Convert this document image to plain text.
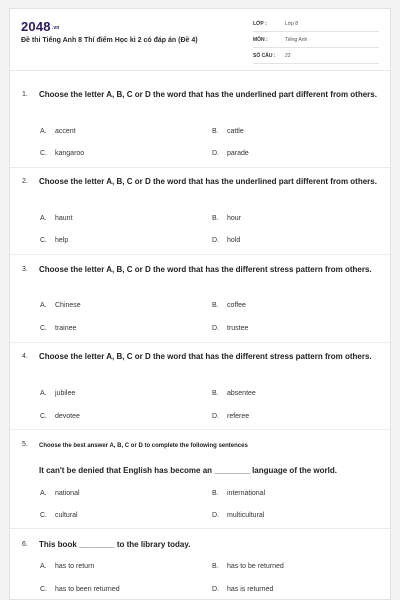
2048.vn
Đề thi Tiếng Anh 8 Thí điểm Học kì 2 có đáp án (Đề 4)
LỚP :	Lớp 8
MÔN :	Tiếng Anh
SỐ CÂU :	22
1. Choose the letter A, B, C or D the word that has the underlined part different from others.
A. accent	B. cattle
C. kangaroo	D. parade
2. Choose the letter A, B, C or D the word that has the underlined part different from others.
A. haunt	B. hour
C. help	D. hold
3. Choose the letter A, B, C or D the word that has the different stress pattern from others.
A. Chinese	B. coffee
C. trainee	D. trustee
4. Choose the letter A, B, C or D the word that has the different stress pattern from others.
A. jubilee	B. absentee
C. devotee	D. referee
5. Choose the best answer A, B, C or D to complete the following sentences
It can't be denied that English has become an ________ language of the world.
A. national	B. international
C. cultural	D. multicultural
6. This book ________ to the library today.
A. has to return	B. has to be returned
C. has to been returned	D. has is returned
